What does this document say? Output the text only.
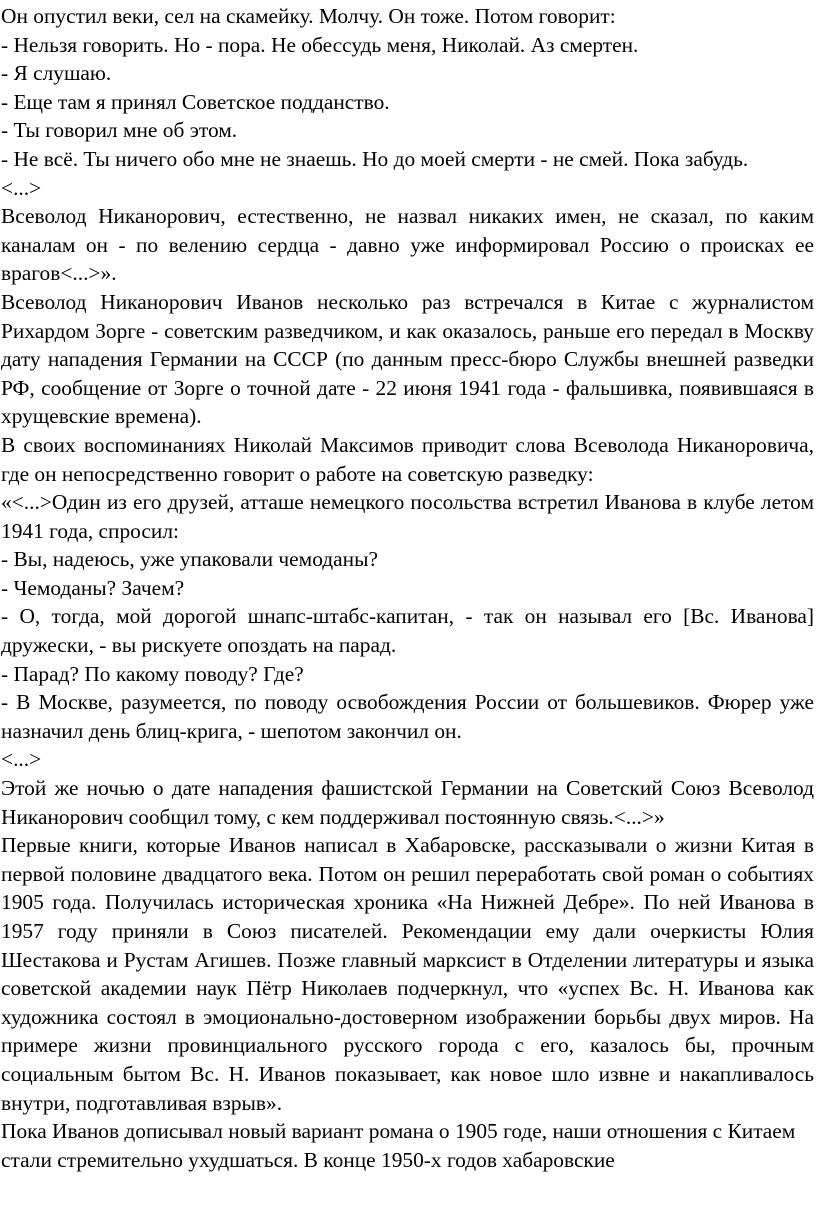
Он опустил веки, сел на скамейку. Молчу. Он тоже. Потом говорит:

- Нельзя говорить. Но - пора. Не обессудь меня, Николай. Аз смертен.

- Я слушаю.

- Еще там я принял Советское подданство.

- Ты говорил мне об этом.

- Не всё. Ты ничего обо мне не знаешь. Но до моей смерти - не смей. Пока забудь.

<...>

Всеволод Никанорович, естественно, не назвал никаких имен, не сказал, по каким каналам он - по велению сердца - давно уже информировал Россию о происках ее врагов<...>».

Всеволод Никанорович Иванов несколько раз встречался в Китае с журналистом Рихардом Зорге - советским разведчиком, и как оказалось, раньше его передал в Москву дату нападения Германии на СССР (по данным пресс-бюро Службы внешней разведки РФ, сообщение от Зорге о точной дате - 22 июня 1941 года - фальшивка, появившаяся в хрущевские времена).

В своих воспоминаниях Николай Максимов приводит слова Всеволода Никаноровича, где он непосредственно говорит о работе на советскую разведку:

«<...>Один из его друзей, атташе немецкого посольства встретил Иванова в клубе летом 1941 года, спросил:

- Вы, надеюсь, уже упаковали чемоданы?

- Чемоданы? Зачем?

- О, тогда, мой дорогой шнапс-штабс-капитан, - так он называл его [Вс. Иванова] дружески, - вы рискуете опоздать на парад.

- Парад? По какому поводу? Где?

- В Москве, разумеется, по поводу освобождения России от большевиков. Фюрер уже назначил день блиц-крига, - шепотом закончил он.

<...>

Этой же ночью о дате нападения фашистской Германии на Советский Союз Всеволод Никанорович сообщил тому, с кем поддерживал постоянную связь.<...>»

Первые книги, которые Иванов написал в Хабаровске, рассказывали о жизни Китая в первой половине двадцатого века. Потом он решил переработать свой роман о событиях 1905 года. Получилась историческая хроника «На Нижней Дебре». По ней Иванова в 1957 году приняли в Союз писателей. Рекомендации ему дали очеркисты Юлия Шестакова и Рустам Агишев. Позже главный марксист в Отделении литературы и языка советской академии наук Пётр Николаев подчеркнул, что «успех Вс. Н. Иванова как художника состоял в эмоционально-достоверном изображении борьбы двух миров. На примере жизни провинциального русского города с его, казалось бы, прочным социальным бытом Вс. Н. Иванов показывает, как новое шло извне и накапливалось внутри, подготавливая взрыв».

Пока Иванов дописывал новый вариант романа о 1905 годе, наши отношения с Китаем стали стремительно ухудшаться. В конце 1950-х годов хабаровские
